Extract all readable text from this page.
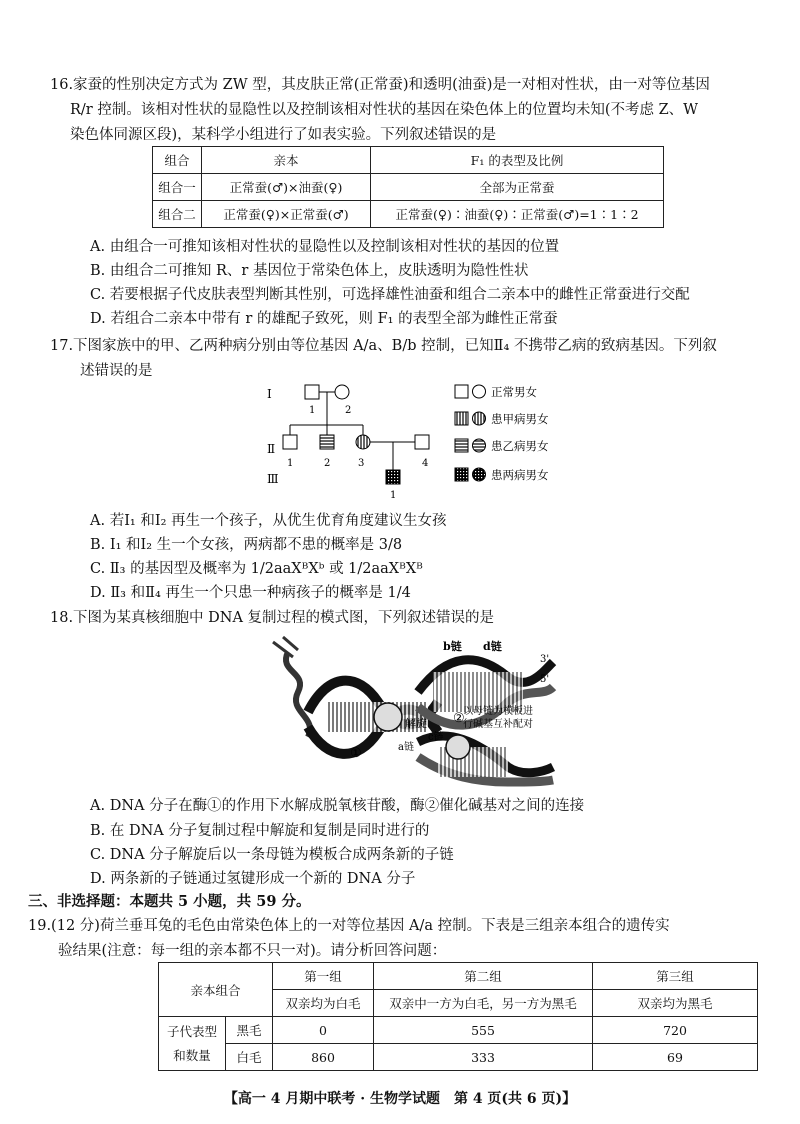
16.家蚕的性别决定方式为 ZW 型，其皮肤正常(正常蚕)和透明(油蚕)是一对相对性状，由一对等位基因
R/r 控制。该相对性状的显隐性以及控制该相对性状的基因在染色体上的位置均未知(不考虑 Z、W
染色体同源区段)，某科学小组进行了如表实验。下列叙述错误的是
组合	亲本	F₁ 的表型及比例
组合一	正常蚕(♂)×油蚕(♀)	全部为正常蚕
组合二	正常蚕(♀)×正常蚕(♂)	正常蚕(♀)∶油蚕(♀)∶正常蚕(♂)=1∶1∶2
A. 由组合一可推知该相对性状的显隐性以及控制该相对性状的基因的位置
B. 由组合二可推知 R、r 基因位于常染色体上，皮肤透明为隐性性状
C. 若要根据子代皮肤表型判断其性别，可选择雄性油蚕和组合二亲本中的雌性正常蚕进行交配
D. 若组合二亲本中带有 r 的雄配子致死，则 F₁ 的表型全部为雌性正常蚕
17.下图家族中的甲、乙两种病分别由等位基因 A/a、B/b 控制，已知Ⅱ₄ 不携带乙病的致病基因。下列叙
述错误的是
Ⅰ
Ⅱ
Ⅲ
1	2
1	2	3	4
1
正常男女
患甲病男女
患乙病男女
患两病男女
A. 若Ⅰ₁ 和Ⅰ₂ 再生一个孩子，从优生优育角度建议生女孩
B. Ⅰ₁ 和Ⅰ₂ 生一个女孩，两病都不患的概率是 3/8
C. Ⅱ₃ 的基因型及概率为 1/2aaXᴮXᵇ 或 1/2aaXᴮXᴮ
D. Ⅱ₃ 和Ⅱ₄ 再生一个只患一种病孩子的概率是 1/4
18.下图为某真核细胞中 DNA 复制过程的模式图，下列叙述错误的是
b链 d链
3'
5'
解旋
以母链为模板进
行碱基互补配对
c链
a链
①
②
A. DNA 分子在酶①的作用下水解成脱氧核苷酸，酶②催化碱基对之间的连接
B. 在 DNA 分子复制过程中解旋和复制是同时进行的
C. DNA 分子解旋后以一条母链为模板合成两条新的子链
D. 两条新的子链通过氢键形成一个新的 DNA 分子
三、非选择题：本题共 5 小题，共 59 分。
19.(12 分)荷兰垂耳兔的毛色由常染色体上的一对等位基因 A/a 控制。下表是三组亲本组合的遗传实
验结果(注意：每一组的亲本都不只一对)。请分析回答问题：
亲本组合		第一组	第二组	第三组
		双亲均为白毛	双亲中一方为白毛，另一方为黑毛	双亲均为黑毛

子代表型
和数量	黑毛	0	555	720
	白毛	860	333	69
【高一 4 月期中联考 · 生物学试题　第 4 页(共 6 页)】
